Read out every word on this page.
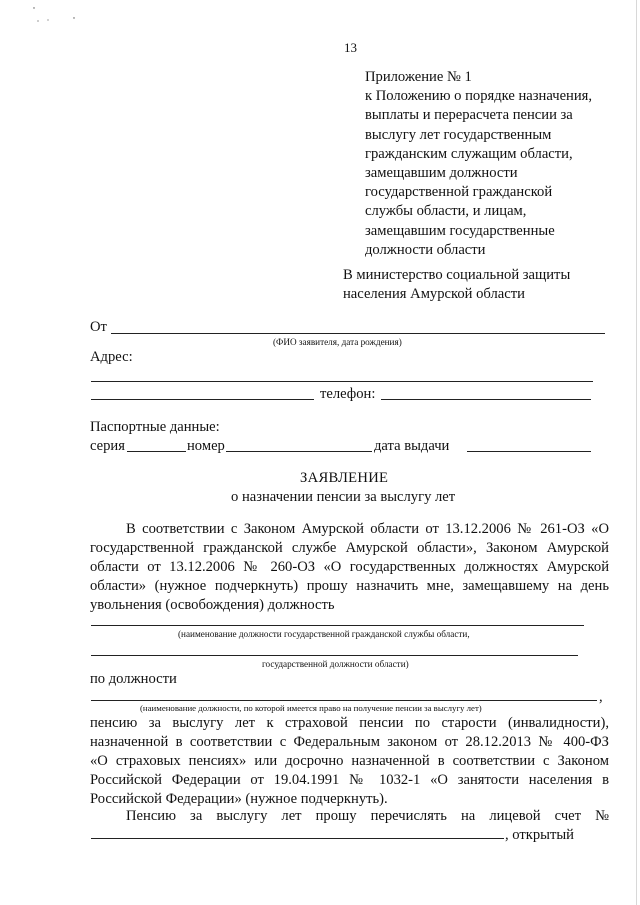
13
Приложение № 1
к Положению о порядке назначения,
выплаты и перерасчета пенсии за
выслугу лет государственным
гражданским служащим области,
замещавшим должности
государственной гражданской
службы области, и лицам,
замещавшим государственные
должности области
В министерство социальной защиты
населения Амурской области
От
(ФИО заявителя, дата рождения)
Адрес:
телефон:
Паспортные данные:
серия	номер	дата выдачи
ЗАЯВЛЕНИЕ
о назначении пенсии за выслугу лет
В соответствии с Законом Амурской области от 13.12.2006 № 261-ОЗ «О
государственной гражданской службе Амурской области», Законом Амурской
области от 13.12.2006 № 260-ОЗ «О государственных должностях Амурской
области» (нужное подчеркнуть) прошу назначить мне, замещавшему на день
увольнения (освобождения) должность
(наименование должности государственной гражданской службы области,
государственной должности области)
по должности
,
(наименование должности, по которой имеется право на получение пенсии за выслугу лет)
пенсию за выслугу лет к страховой пенсии по старости (инвалидности),
назначенной в соответствии с Федеральным законом от 28.12.2013 № 400-ФЗ
«О страховых пенсиях» или досрочно назначенной в соответствии с Законом
Российской Федерации от 19.04.1991 № 1032-1 «О занятости населения в
Российской Федерации» (нужное подчеркнуть).
Пенсию за выслугу лет прошу перечислять на лицевой счет №
, открытый
